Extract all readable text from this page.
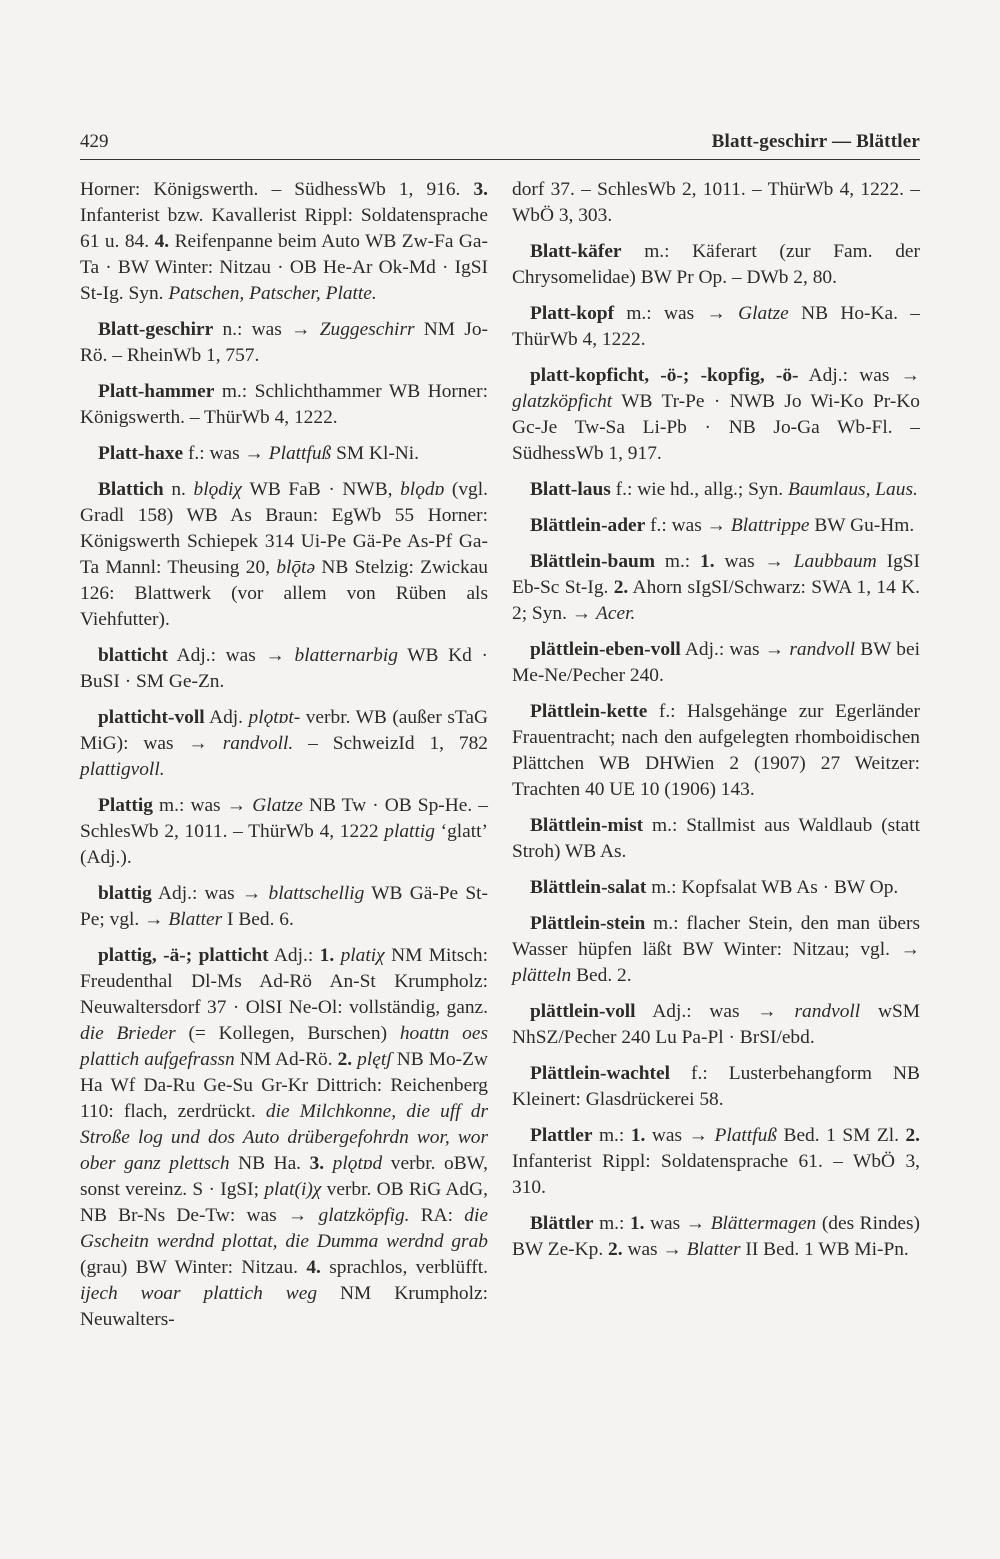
429	Blatt-geschirr — Blättler

Horner: Königswerth. – SüdhessWb 1, 916. 3. Infanterist bzw. Kavallerist Rippl: Soldatensprache 61 u. 84. 4. Reifenpanne beim Auto WB Zw-Fa Ga-Ta · BW Winter: Nitzau · OB He-Ar Ok-Md · IgSI St-Ig. Syn. Patschen, Patscher, Platte.

Blatt-geschirr n.: was → Zuggeschirr NM Jo-Rö. – RheinWb 1, 757.

Platt-hammer m.: Schlichthammer WB Horner: Königswerth. – ThürWb 4, 1222.

Platt-haxe f.: was → Plattfuß SM Kl-Ni.

Blattich n. blǫdiχ WB FaB · NWB, blǫdɒ (vgl. Gradl 158) WB As Braun: EgWb 55 Horner: Königswerth Schiepek 314 Ui-Pe Gä-Pe As-Pf Ga-Ta Mannl: Theusing 20, blǭtə NB Stelzig: Zwickau 126: Blattwerk (vor allem von Rüben als Viehfutter).

blatticht Adj.: was → blatternarbig WB Kd · BuSI · SM Ge-Zn.

platticht-voll Adj. plǫtɒt- verbr. WB (außer sTaG MiG): was → randvoll. – SchweizId 1, 782 plattigvoll.

Plattig m.: was → Glatze NB Tw · OB Sp-He. – SchlesWb 2, 1011. – ThürWb 4, 1222 plattig ‘glatt’ (Adj.).

blattig Adj.: was → blattschellig WB Gä-Pe St-Pe; vgl. → Blatter I Bed. 6.

plattig, -ä-; platticht Adj.: 1. platiχ NM Mitsch: Freudenthal Dl-Ms Ad-Rö An-St Krumpholz: Neuwaltersdorf 37 · OlSI Ne-Ol: vollständig, ganz. die Brieder (= Kollegen, Burschen) hoattn oes plattich aufgefrassn NM Ad-Rö. 2. plętʃ NB Mo-Zw Ha Wf Da-Ru Ge-Su Gr-Kr Dittrich: Reichenberg 110: flach, zerdrückt. die Milchkonne, die uff dr Stroße log und dos Auto drübergefohrdn wor, wor ober ganz plettsch NB Ha. 3. plǫtɒd verbr. oBW, sonst vereinz. S · IgSI; plat(i)χ verbr. OB RiG AdG, NB Br-Ns De-Tw: was → glatzköpfig. RA: die Gscheitn werdnd plottat, die Dumma werdnd grab (grau) BW Winter: Nitzau. 4. sprachlos, verblüfft. ijech woar plattich weg NM Krumpholz: Neuwalters-

dorf 37. – SchlesWb 2, 1011. – ThürWb 4, 1222. – WbÖ 3, 303.

Blatt-käfer m.: Käferart (zur Fam. der Chrysomelidae) BW Pr Op. – DWb 2, 80.

Platt-kopf m.: was → Glatze NB Ho-Ka. – ThürWb 4, 1222.

platt-kopficht, -ö-; -kopfig, -ö- Adj.: was → glatzköpficht WB Tr-Pe · NWB Jo Wi-Ko Pr-Ko Gc-Je Tw-Sa Li-Pb · NB Jo-Ga Wb-Fl. – SüdhessWb 1, 917.

Blatt-laus f.: wie hd., allg.; Syn. Baumlaus, Laus.

Blättlein-ader f.: was → Blattrippe BW Gu-Hm.

Blättlein-baum m.: 1. was → Laubbaum IgSI Eb-Sc St-Ig. 2. Ahorn sIgSI/Schwarz: SWA 1, 14 K. 2; Syn. → Acer.

plättlein-eben-voll Adj.: was → randvoll BW bei Me-Ne/Pecher 240.

Plättlein-kette f.: Halsgehänge zur Egerländer Frauentracht; nach den aufgelegten rhomboidischen Plättchen WB DHWien 2 (1907) 27 Weitzer: Trachten 40 UE 10 (1906) 143.

Blättlein-mist m.: Stallmist aus Waldlaub (statt Stroh) WB As.

Blättlein-salat m.: Kopfsalat WB As · BW Op.

Plättlein-stein m.: flacher Stein, den man übers Wasser hüpfen läßt BW Winter: Nitzau; vgl. → plätteln Bed. 2.

plättlein-voll Adj.: was → randvoll wSM NhSZ/Pecher 240 Lu Pa-Pl · BrSI/ebd.

Plättlein-wachtel f.: Lusterbehangform NB Kleinert: Glasdrückerei 58.

Plattler m.: 1. was → Plattfuß Bed. 1 SM Zl. 2. Infanterist Rippl: Soldatensprache 61. – WbÖ 3, 310.

Blättler m.: 1. was → Blättermagen (des Rindes) BW Ze-Kp. 2. was → Blatter II Bed. 1 WB Mi-Pn.
